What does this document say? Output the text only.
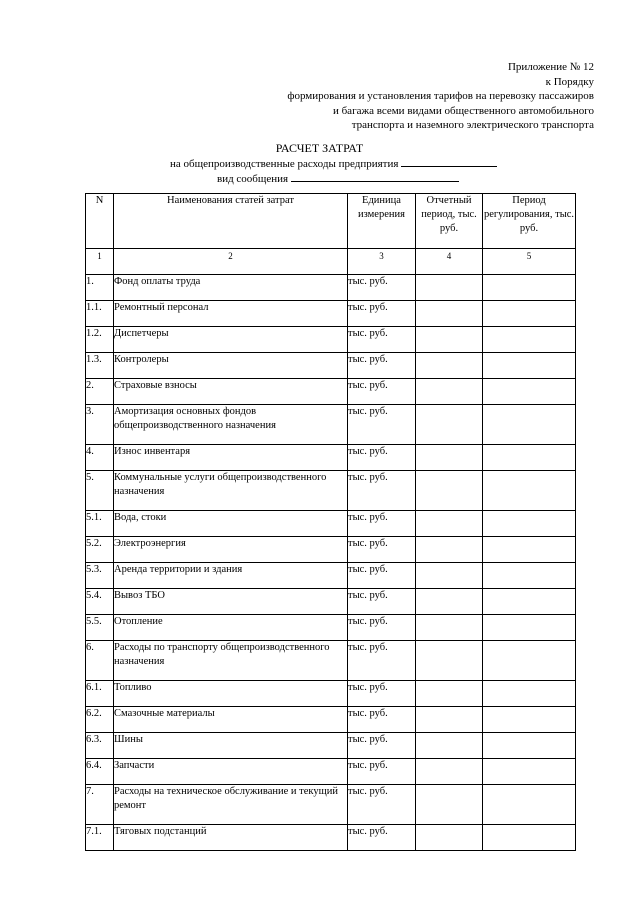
Приложение № 12
к Порядку
формирования и установления тарифов на перевозку пассажиров
и багажа всеми видами общественного автомобильного
транспорта и наземного электрического транспорта
РАСЧЕТ ЗАТРАТ
на общепроизводственные расходы предприятия
вид сообщения
N	Наименования статей затрат	Единица измерения	Отчетный период, тыс. руб.	Период регулирования, тыс. руб.
1	2	3	4	5
1.	Фонд оплаты труда	тыс. руб.		
1.1.	Ремонтный персонал	тыс. руб.		
1.2.	Диспетчеры	тыс. руб.		
1.3.	Контролеры	тыс. руб.		
2.	Страховые взносы	тыс. руб.		
3.	Амортизация основных фондов общепроизводственного назначения	тыс. руб.		
4.	Износ инвентаря	тыс. руб.		
5.	Коммунальные услуги общепроизводственного назначения	тыс. руб.		
5.1.	Вода, стоки	тыс. руб.		
5.2.	Электроэнергия	тыс. руб.		
5.3.	Аренда территории и здания	тыс. руб.		
5.4.	Вывоз ТБО	тыс. руб.		
5.5.	Отопление	тыс. руб.		
6.	Расходы по транспорту общепроизводственного назначения	тыс. руб.		
6.1.	Топливо	тыс. руб.		
6.2.	Смазочные материалы	тыс. руб.		
6.3.	Шины	тыс. руб.		
6.4.	Запчасти	тыс. руб.		
7.	Расходы на техническое обслуживание и текущий ремонт	тыс. руб.		
7.1.	Тяговых подстанций	тыс. руб.		
